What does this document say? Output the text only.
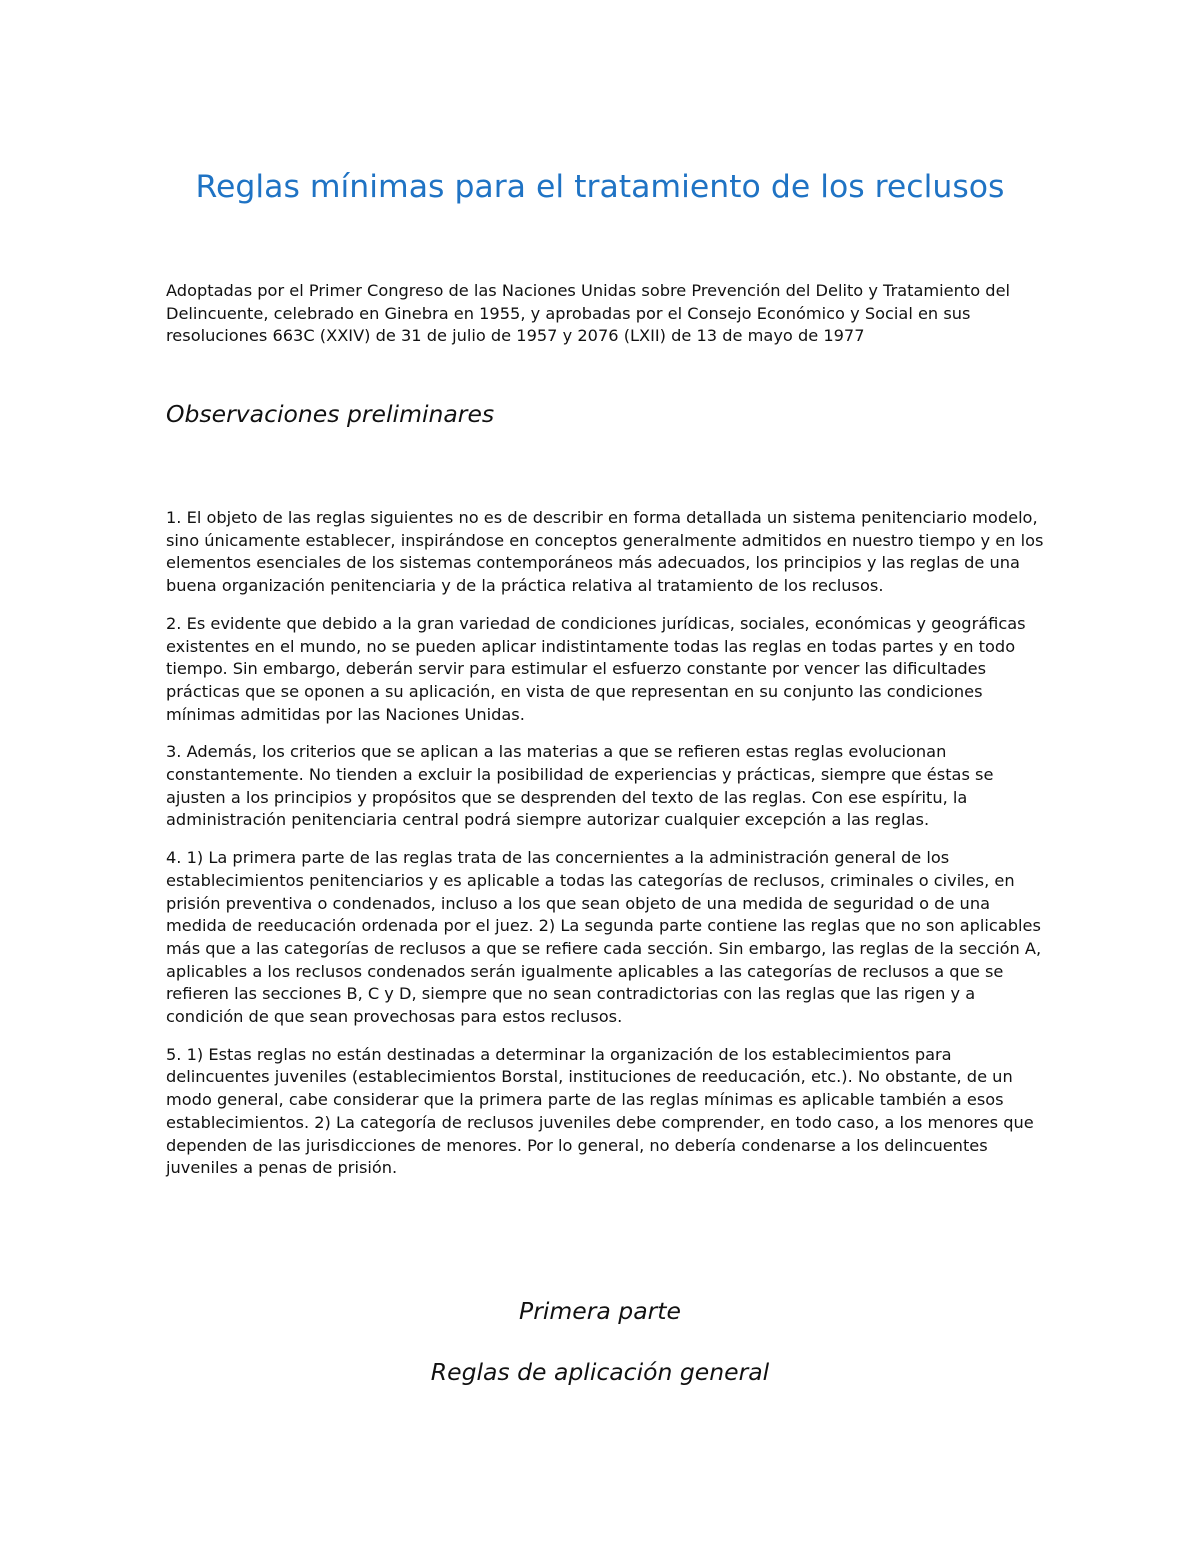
Reglas mínimas para el tratamiento de los reclusos

Adoptadas por el Primer Congreso de las Naciones Unidas sobre Prevención del Delito y Tratamiento del Delincuente, celebrado en Ginebra en 1955, y aprobadas por el Consejo Económico y Social en sus resoluciones 663C (XXIV) de 31 de julio de 1957 y 2076 (LXII) de 13 de mayo de 1977

Observaciones preliminares

1. El objeto de las reglas siguientes no es de describir en forma detallada un sistema penitenciario modelo, sino únicamente establecer, inspirándose en conceptos generalmente admitidos en nuestro tiempo y en los elementos esenciales de los sistemas contemporáneos más adecuados, los principios y las reglas de una buena organización penitenciaria y de la práctica relativa al tratamiento de los reclusos.

2. Es evidente que debido a la gran variedad de condiciones jurídicas, sociales, económicas y geográficas existentes en el mundo, no se pueden aplicar indistintamente todas las reglas en todas partes y en todo tiempo. Sin embargo, deberán servir para estimular el esfuerzo constante por vencer las dificultades prácticas que se oponen a su aplicación, en vista de que representan en su conjunto las condiciones mínimas admitidas por las Naciones Unidas.

3. Además, los criterios que se aplican a las materias a que se refieren estas reglas evolucionan constantemente. No tienden a excluir la posibilidad de experiencias y prácticas, siempre que éstas se ajusten a los principios y propósitos que se desprenden del texto de las reglas. Con ese espíritu, la administración penitenciaria central podrá siempre autorizar cualquier excepción a las reglas.

4. 1) La primera parte de las reglas trata de las concernientes a la administración general de los establecimientos penitenciarios y es aplicable a todas las categorías de reclusos, criminales o civiles, en prisión preventiva o condenados, incluso a los que sean objeto de una medida de seguridad o de una medida de reeducación ordenada por el juez. 2) La segunda parte contiene las reglas que no son aplicables más que a las categorías de reclusos a que se refiere cada sección. Sin embargo, las reglas de la sección A, aplicables a los reclusos condenados serán igualmente aplicables a las categorías de reclusos a que se refieren las secciones B, C y D, siempre que no sean contradictorias con las reglas que las rigen y a condición de que sean provechosas para estos reclusos.

5. 1) Estas reglas no están destinadas a determinar la organización de los establecimientos para delincuentes juveniles (establecimientos Borstal, instituciones de reeducación, etc.). No obstante, de un modo general, cabe considerar que la primera parte de las reglas mínimas es aplicable también a esos establecimientos. 2) La categoría de reclusos juveniles debe comprender, en todo caso, a los menores que dependen de las jurisdicciones de menores. Por lo general, no debería condenarse a los delincuentes juveniles a penas de prisión.

Primera parte
Reglas de aplicación general
